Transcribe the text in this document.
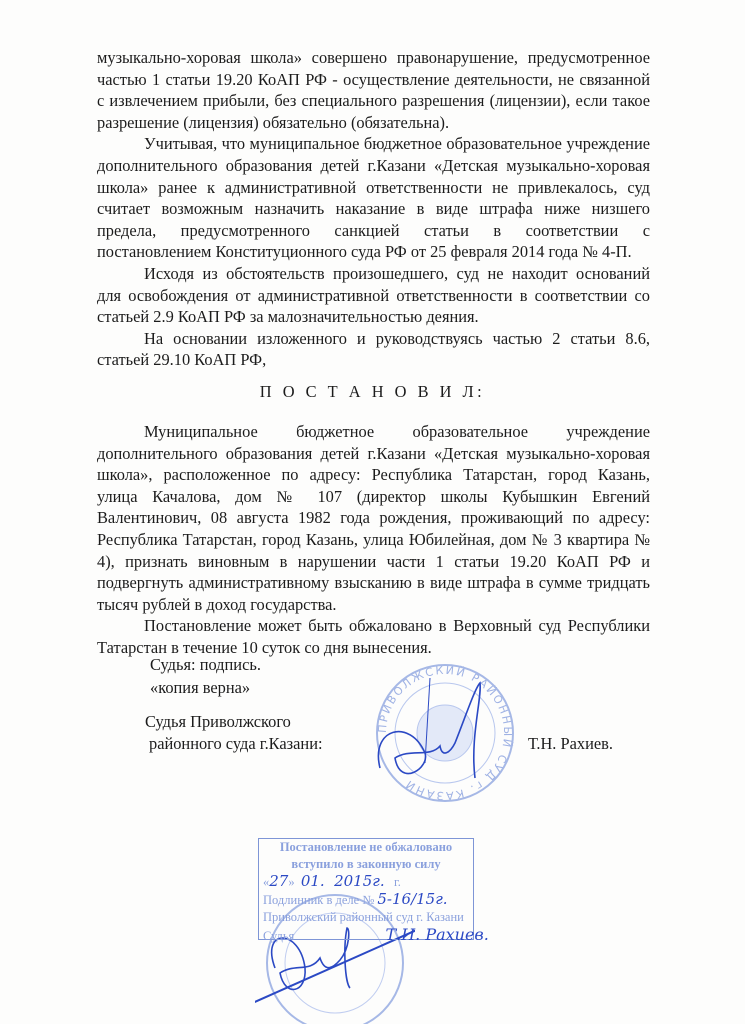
музыкально-хоровая школа» совершено правонарушение, предусмотренное
частью 1 статьи 19.20 КоАП РФ - осуществление деятельности, не связанной
с извлечением прибыли, без специального разрешения (лицензии), если такое
разрешение (лицензия) обязательно (обязательна).
Учитывая, что муниципальное бюджетное образовательное учреждение
дополнительного образования детей г.Казани «Детская музыкально-хоровая
школа» ранее к административной ответственности не привлекалось, суд
считает возможным назначить наказание в виде штрафа ниже низшего
предела, предусмотренного санкцией статьи в соответствии с
постановлением Конституционного суда РФ от 25 февраля 2014 года № 4-П.
Исходя из обстоятельств произошедшего, суд не находит оснований
для освобождения от административной ответственности в соответствии со
статьей 2.9 КоАП РФ за малозначительностью деяния.
На основании изложенного и руководствуясь частью 2 статьи 8.6,
статьей 29.10 КоАП РФ,
П О С Т А Н О В И Л:
Муниципальное бюджетное образовательное учреждение
дополнительного образования детей г.Казани «Детская музыкально-хоровая
школа», расположенное по адресу: Республика Татарстан, город Казань,
улица Качалова, дом № 107 (директор школы Кубышкин Евгений
Валентинович, 08 августа 1982 года рождения, проживающий по адресу:
Республика Татарстан, город Казань, улица Юбилейная, дом № 3 квартира №
4), признать виновным в нарушении части 1 статьи 19.20 КоАП РФ и
подвергнуть административному взысканию в виде штрафа в сумме тридцать
тысяч рублей в доход государства.
Постановление может быть обжаловано в Верховный суд Республики
Татарстан в течение 10 суток со дня вынесения.
Судья: подпись.
«копия верна»
Судья Приволжского
районного суда г.Казани:	Т.Н. Рахиев.
ПРИВОЛЖСКИЙ РАЙОННЫЙ СУД г. КАЗАНИ
Постановление не обжаловано
вступило в законную силу
«27»  01. 2015г. г.
Подлинник в деле № 5-16/15г.
Приволжский районный суд г. Казани
Судья	Т.И. Рахиев.
